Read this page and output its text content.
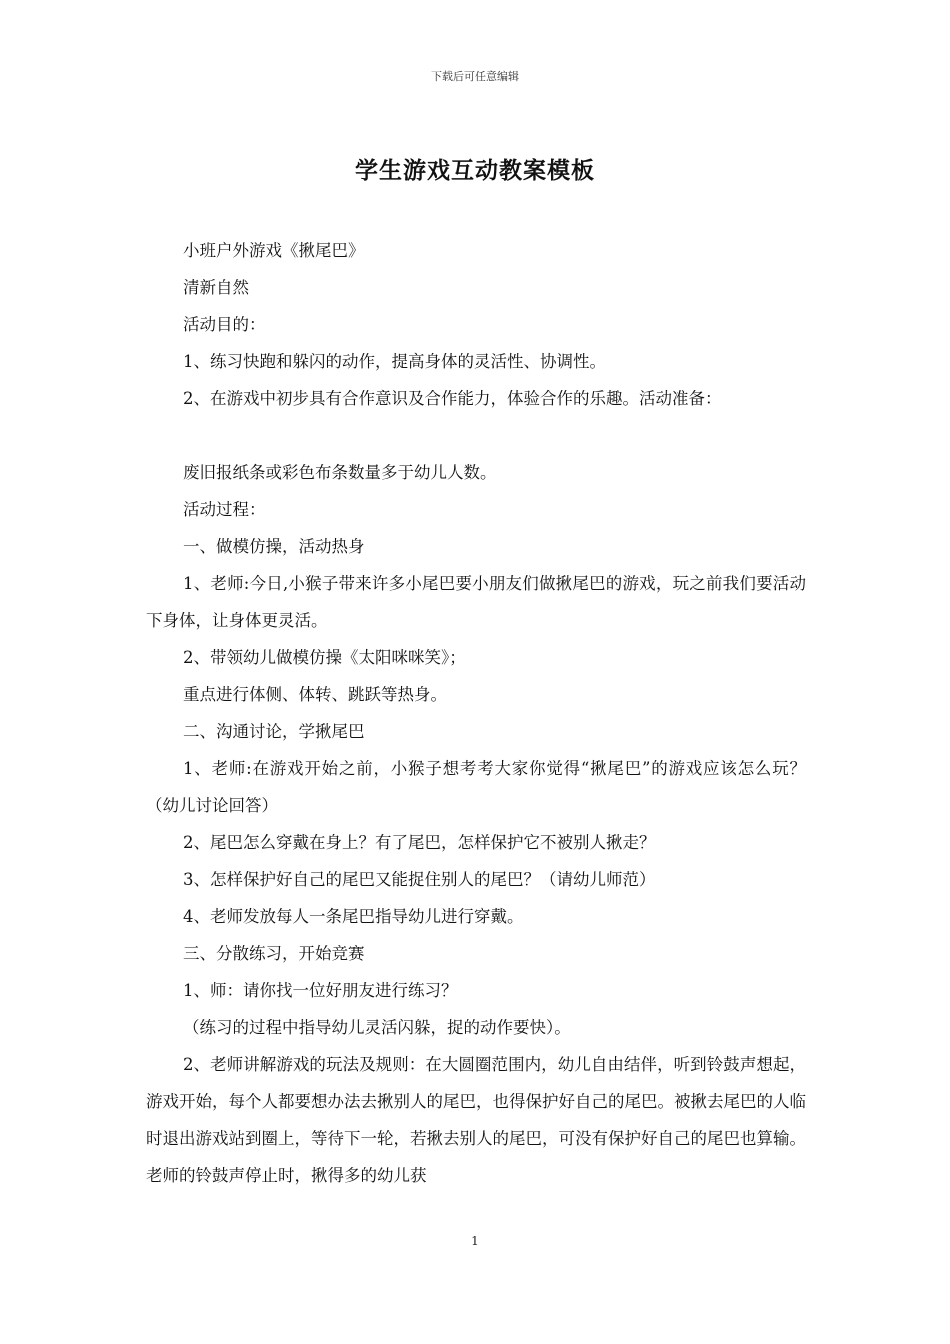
下载后可任意编辑
学生游戏互动教案模板

小班户外游戏《揪尾巴》

清新自然

活动目的：

1、练习快跑和躲闪的动作，提高身体的灵活性、协调性。

2、在游戏中初步具有合作意识及合作能力，体验合作的乐趣。活动准备：

废旧报纸条或彩色布条数量多于幼儿人数。

活动过程：

一、做模仿操，活动热身

1、老师:今日,小猴子带来许多小尾巴要小朋友们做揪尾巴的游戏，玩之前我们要活动下身体，让身体更灵活。

2、带领幼儿做模仿操《太阳咪咪笑》；

重点进行体侧、体转、跳跃等热身。

二、沟通讨论，学揪尾巴

1、老师:在游戏开始之前，小猴子想考考大家你觉得“揪尾巴”的游戏应该怎么玩？（幼儿讨论回答）

2、尾巴怎么穿戴在身上？有了尾巴，怎样保护它不被别人揪走？

3、怎样保护好自己的尾巴又能捉住别人的尾巴？（请幼儿师范）

4、老师发放每人一条尾巴指导幼儿进行穿戴。

三、分散练习，开始竞赛

1、师：请你找一位好朋友进行练习？

（练习的过程中指导幼儿灵活闪躲，捉的动作要快）。

2、老师讲解游戏的玩法及规则：在大圆圈范围内，幼儿自由结伴，听到铃鼓声想起，游戏开始，每个人都要想办法去揪别人的尾巴，也得保护好自己的尾巴。被揪去尾巴的人临时退出游戏站到圈上，等待下一轮，若揪去别人的尾巴，可没有保护好自己的尾巴也算输。老师的铃鼓声停止时，揪得多的幼儿获

1
